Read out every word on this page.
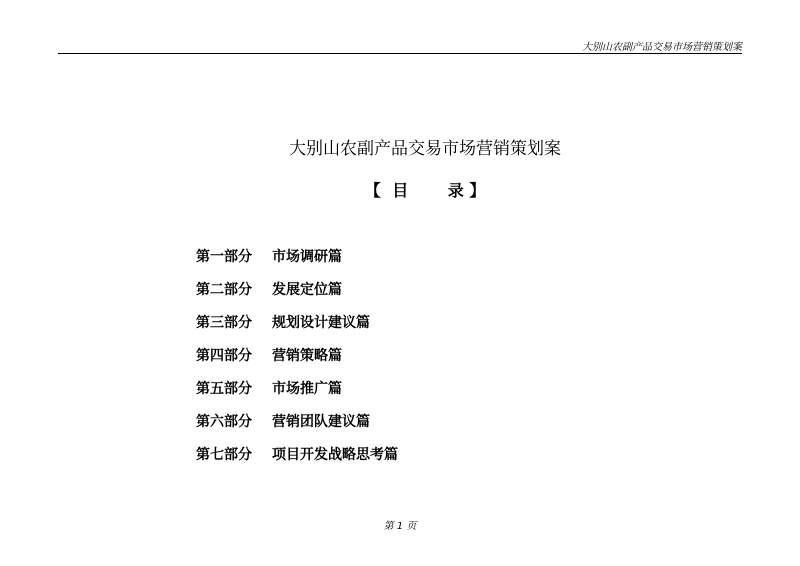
大别山农副产品交易市场营销策划案
大别山农副产品交易市场营销策划案
【 目 录 】
第一部分 市场调研篇
第二部分 发展定位篇
第三部分 规划设计建议篇
第四部分 营销策略篇
第五部分 市场推广篇
第六部分 营销团队建议篇
第七部分 项目开发战略思考篇
第 1 页
